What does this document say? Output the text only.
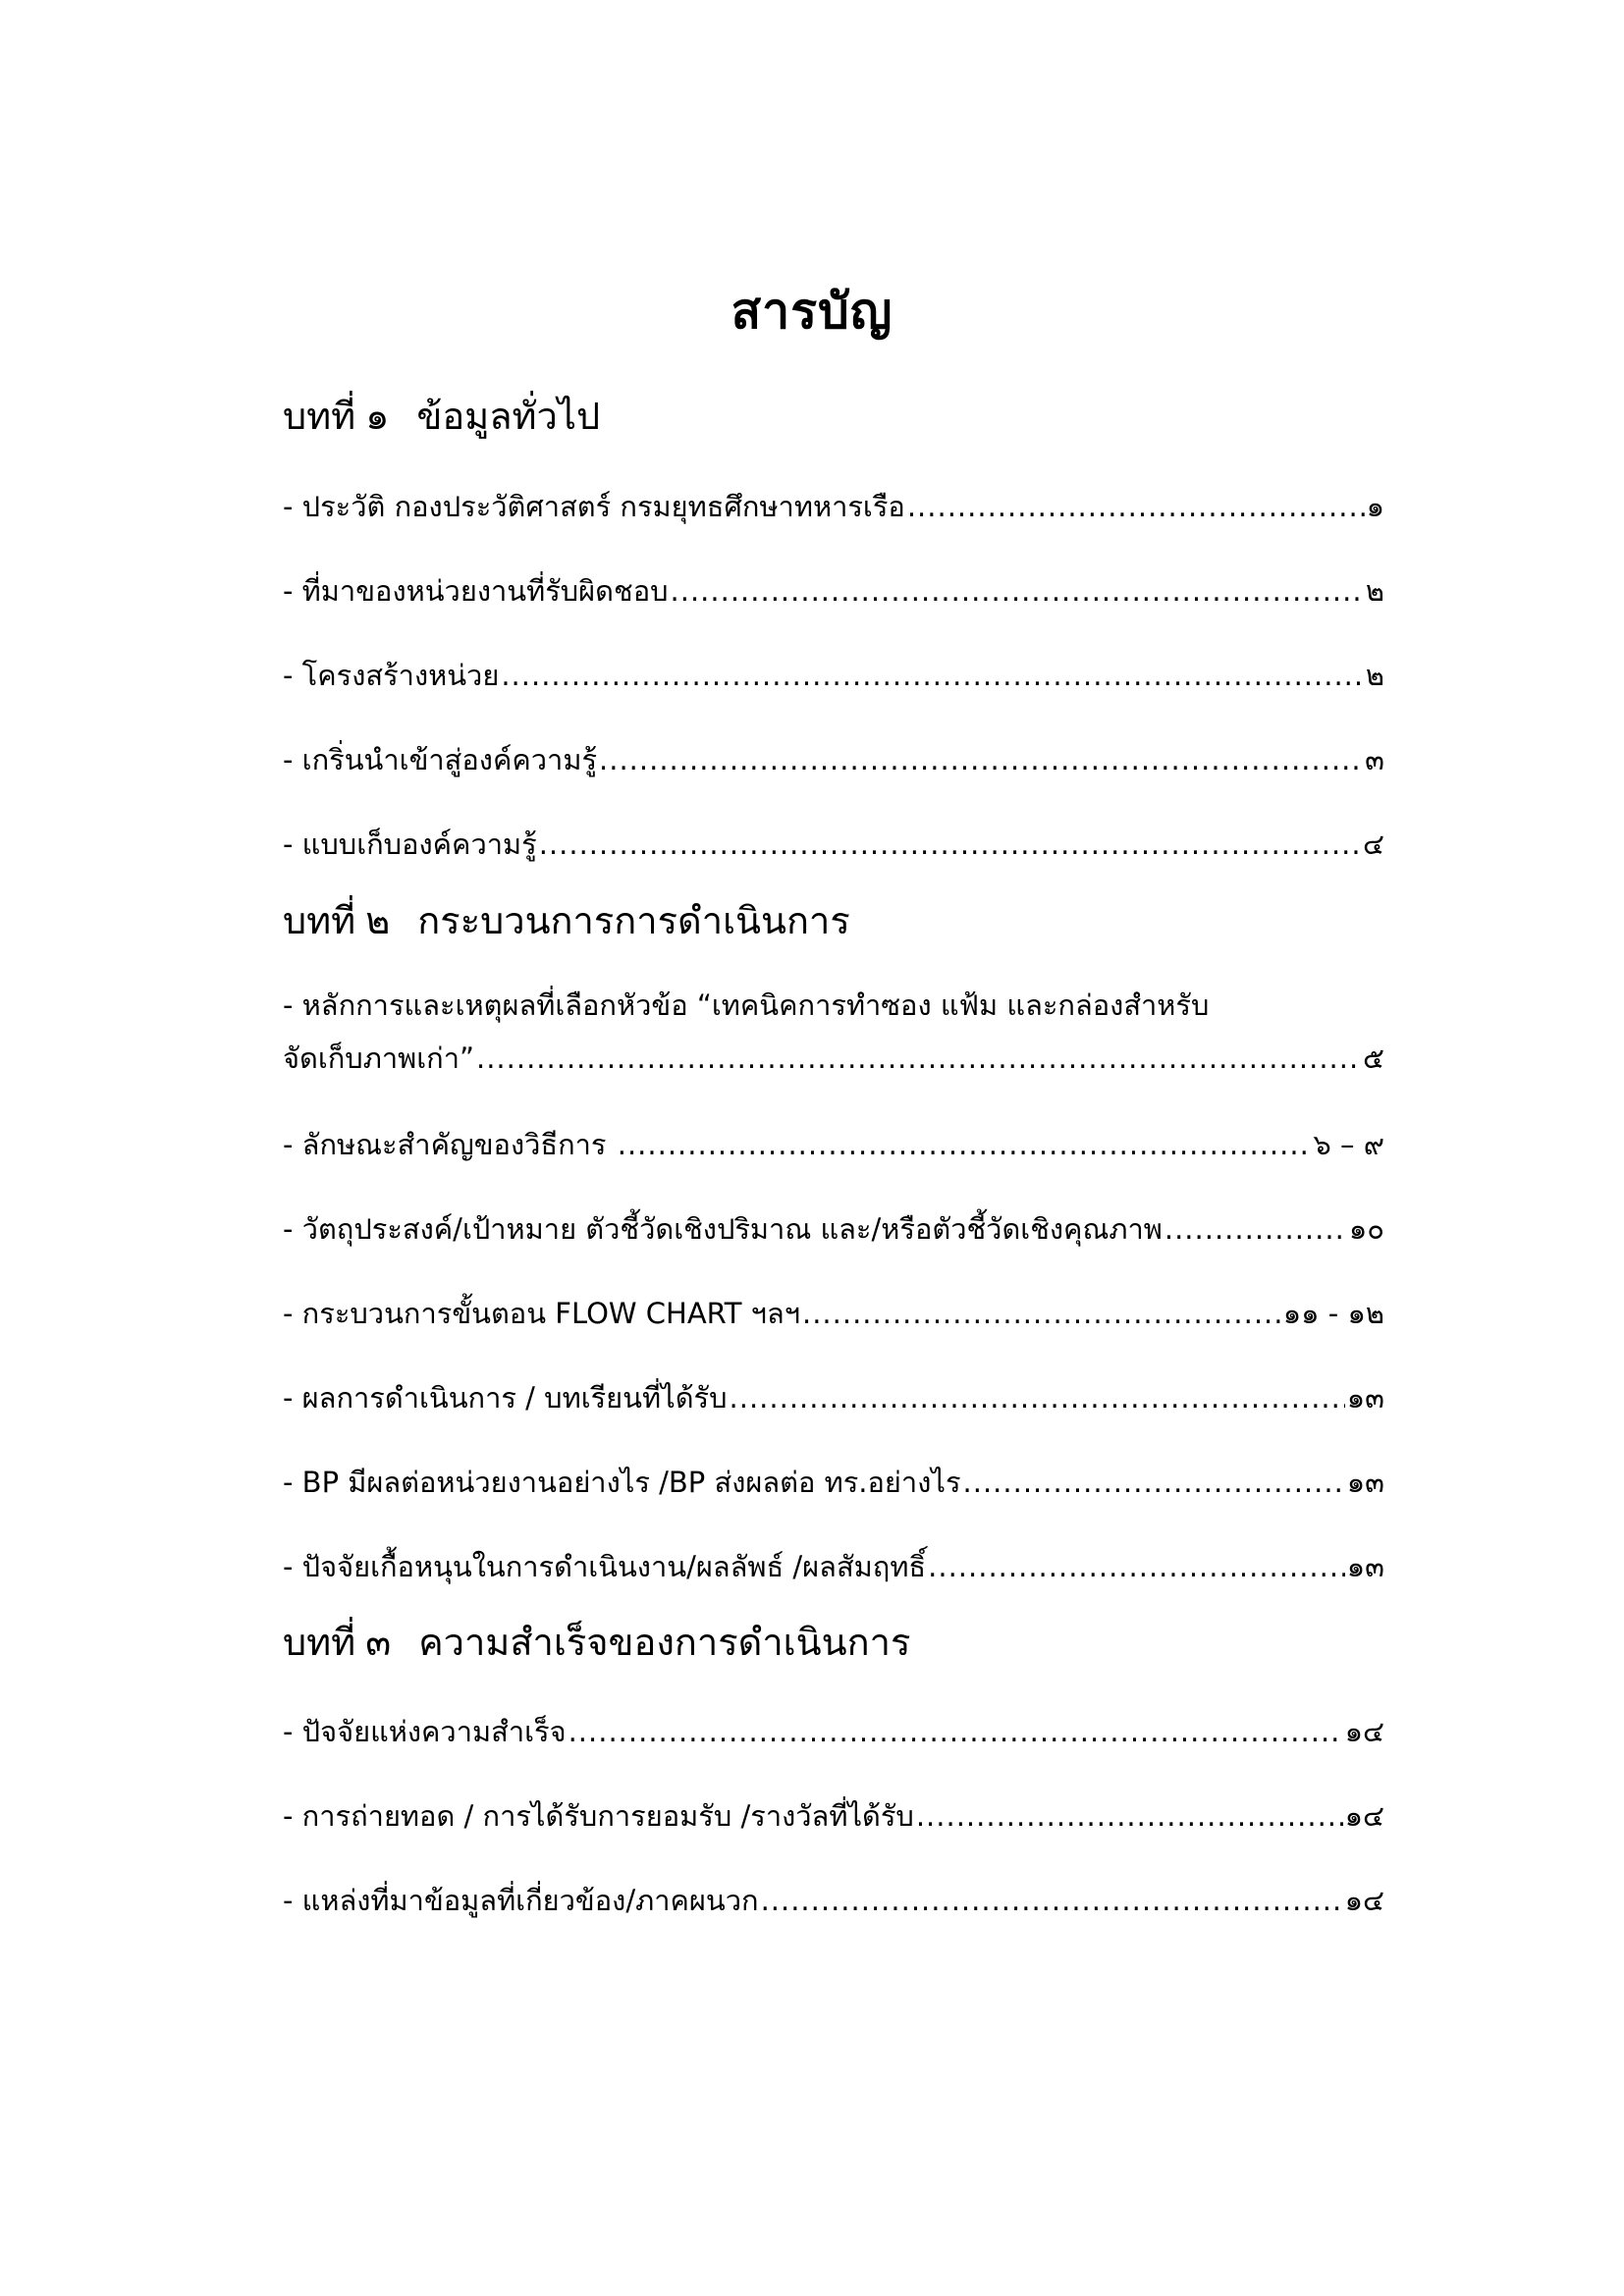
สารบัญ
บทที่ ๑ ข้อมูลทั่วไป
- ประวัติ กองประวัติศาสตร์ กรมยุทธศึกษาทหารเรือ .....	๑
- ที่มาของหน่วยงานที่รับผิดชอบ .....	๒
- โครงสร้างหน่วย .....	๒
- เกริ่นนำเข้าสู่องค์ความรู้ .....	๓
- แบบเก็บองค์ความรู้ .....	๔
บทที่ ๒ กระบวนการการดำเนินการ
- หลักการและเหตุผลที่เลือกหัวข้อ “เทคนิคการทำซอง แฟ้ม และกล่องสำหรับ
จัดเก็บภาพเก่า” .....	๕
- ลักษณะสำคัญของวิธีการ .....	๖ – ๙
- วัตถุประสงค์/เป้าหมาย ตัวชี้วัดเชิงปริมาณ และ/หรือตัวชี้วัดเชิงคุณภาพ .....	๑๐
- กระบวนการขั้นตอน FLOW CHART ฯลฯ .....	๑๑ - ๑๒
- ผลการดำเนินการ / บทเรียนที่ได้รับ .....	๑๓
- BP มีผลต่อหน่วยงานอย่างไร /BP ส่งผลต่อ ทร.อย่างไร .....	๑๓
- ปัจจัยเกื้อหนุนในการดำเนินงาน/ผลลัพธ์ /ผลสัมฤทธิ์ .....	๑๓
บทที่ ๓ ความสำเร็จของการดำเนินการ
- ปัจจัยแห่งความสำเร็จ .....	๑๔
- การถ่ายทอด / การได้รับการยอมรับ /รางวัลที่ได้รับ .....	๑๔
- แหล่งที่มาข้อมูลที่เกี่ยวข้อง/ภาคผนวก .....	๑๔
